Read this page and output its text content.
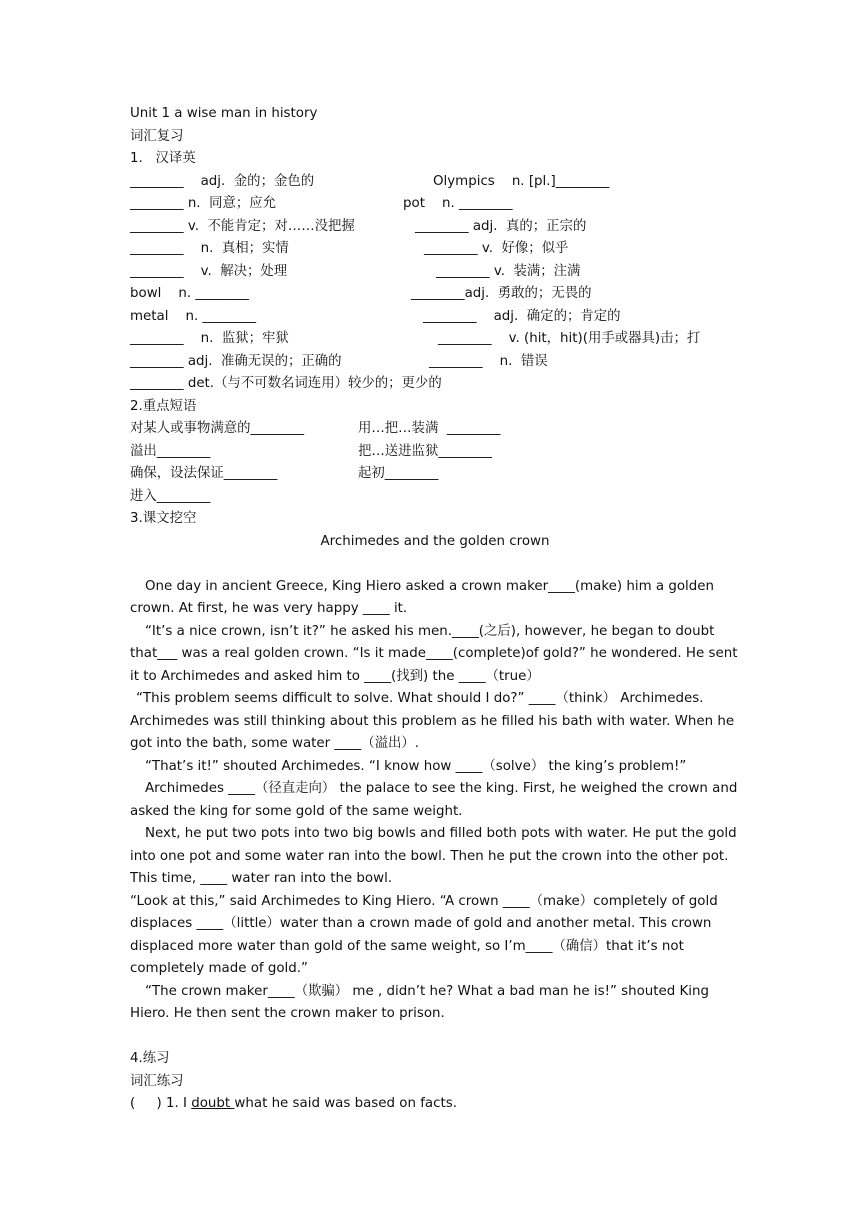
Unit 1 a wise man in history
词汇复习
1.   汉译英
________    adj.  金的；金色的	Olympics    n. [pl.]________
________ n.  同意；应允	pot    n. ________
________ v.  不能肯定；对……没把握	________ adj.  真的；正宗的
________    n.  真相；实情	________ v.  好像；似乎
________    v.  解决；处理	________ v.  装满；注满
bowl    n. ________	________adj.  勇敢的；无畏的
metal    n. ________	________    adj.  确定的；肯定的
________    n.  监狱；牢狱	________    v. (hit，hit)(用手或器具)击；打
________ adj.  准确无误的；正确的	________    n.  错误
________ det.（与不可数名词连用）较少的；更少的
2.重点短语
对某人或事物满意的________	用…把…装满  ________
溢出________	把…送进监狱________
确保，设法保证________	起初________
进入________
3.课文挖空
Archimedes and the golden crown
One day in ancient Greece, King Hiero asked a crown maker____(make) him a golden crown. At first, he was very happy ____ it.
“It’s a nice crown, isn’t it?” he asked his men.____(之后), however, he began to doubt that___ was a real golden crown. “Is it made____(complete)of gold?” he wondered. He sent it to Archimedes and asked him to ____(找到) the ____（true）
“This problem seems difficult to solve. What should I do?” ____（think） Archimedes. Archimedes was still thinking about this problem as he filled his bath with water. When he got into the bath, some water ____（溢出）.
“That’s it!” shouted Archimedes. “I know how ____（solve） the king’s problem!”
Archimedes ____（径直走向） the palace to see the king. First, he weighed the crown and asked the king for some gold of the same weight.
Next, he put two pots into two big bowls and filled both pots with water. He put the gold into one pot and some water ran into the bowl. Then he put the crown into the other pot. This time, ____ water ran into the bowl.
“Look at this,” said Archimedes to King Hiero. “A crown ____（make）completely of gold displaces ____（little）water than a crown made of gold and another metal. This crown displaced more water than gold of the same weight, so I’m____（确信）that it’s not completely made of gold.”
“The crown maker____（欺骗） me , didn’t he? What a bad man he is!” shouted King Hiero. He then sent the crown maker to prison.
4.练习
词汇练习
(     ) 1. I doubt what he said was based on facts.
